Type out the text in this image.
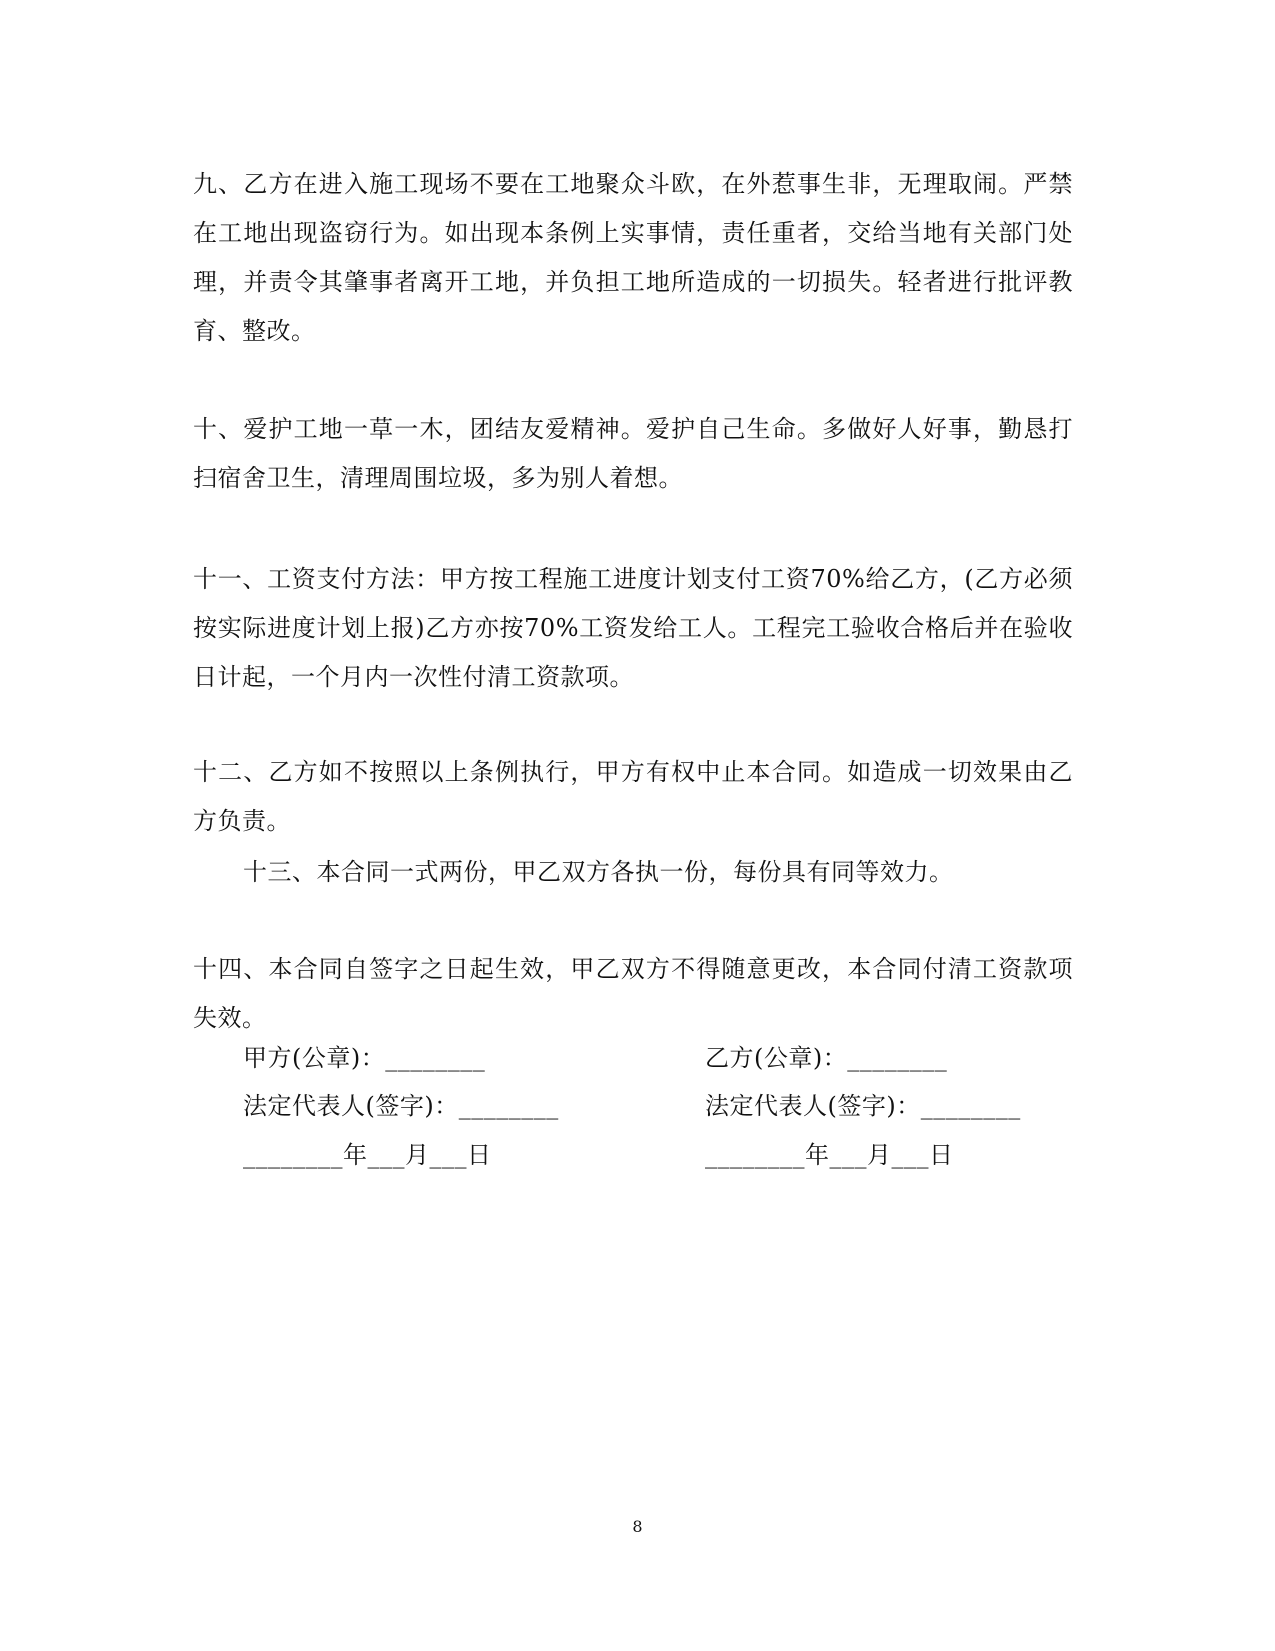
九、乙方在进入施工现场不要在工地聚众斗欧，在外惹事生非，无理取闹。严禁在工地出现盗窃行为。如出现本条例上实事情，责任重者，交给当地有关部门处理，并责令其肇事者离开工地，并负担工地所造成的一切损失。轻者进行批评教育、整改。

十、爱护工地一草一木，团结友爱精神。爱护自己生命。多做好人好事，勤恳打扫宿舍卫生，清理周围垃圾，多为别人着想。

十一、工资支付方法：甲方按工程施工进度计划支付工资70%给乙方，(乙方必须按实际进度计划上报)乙方亦按70%工资发给工人。工程完工验收合格后并在验收日计起，一个月内一次性付清工资款项。

十二、乙方如不按照以上条例执行，甲方有权中止本合同。如造成一切效果由乙方负责。

十三、本合同一式两份，甲乙双方各执一份，每份具有同等效力。

十四、本合同自签字之日起生效，甲乙双方不得随意更改，本合同付清工资款项失效。

甲方(公章)：________	乙方(公章)：________
法定代表人(签字)：________	法定代表人(签字)：________
________年___月___日	________年___月___日
8
